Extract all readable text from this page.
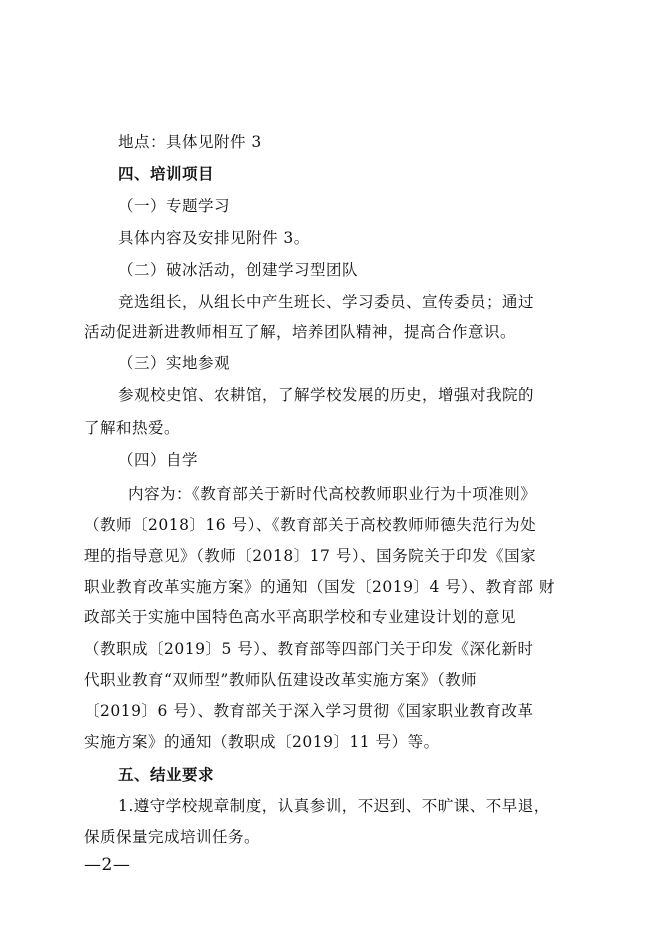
地点：具体见附件 3
四、培训项目
（一）专题学习
具体内容及安排见附件 3。
（二）破冰活动，创建学习型团队
竞选组长，从组长中产生班长、学习委员、宣传委员；通过
活动促进新进教师相互了解，培养团队精神，提高合作意识。
（三）实地参观
参观校史馆、农耕馆，了解学校发展的历史，增强对我院的
了解和热爱。
（四）自学
内容为：《教育部关于新时代高校教师职业行为十项准则》
（教师〔2018〕16 号）、《教育部关于高校教师师德失范行为处
理的指导意见》（教师〔2018〕17 号）、国务院关于印发《国家
职业教育改革实施方案》的通知（国发〔2019〕4 号）、教育部 财
政部关于实施中国特色高水平高职学校和专业建设计划的意见
（教职成〔2019〕5 号）、教育部等四部门关于印发《深化新时
代职业教育“双师型”教师队伍建设改革实施方案》（教师
〔2019〕6 号）、教育部关于深入学习贯彻《国家职业教育改革
实施方案》的通知（教职成〔2019〕11 号）等。
五、结业要求
1.遵守学校规章制度，认真参训，不迟到、不旷课、不早退，
保质保量完成培训任务。
—2—
